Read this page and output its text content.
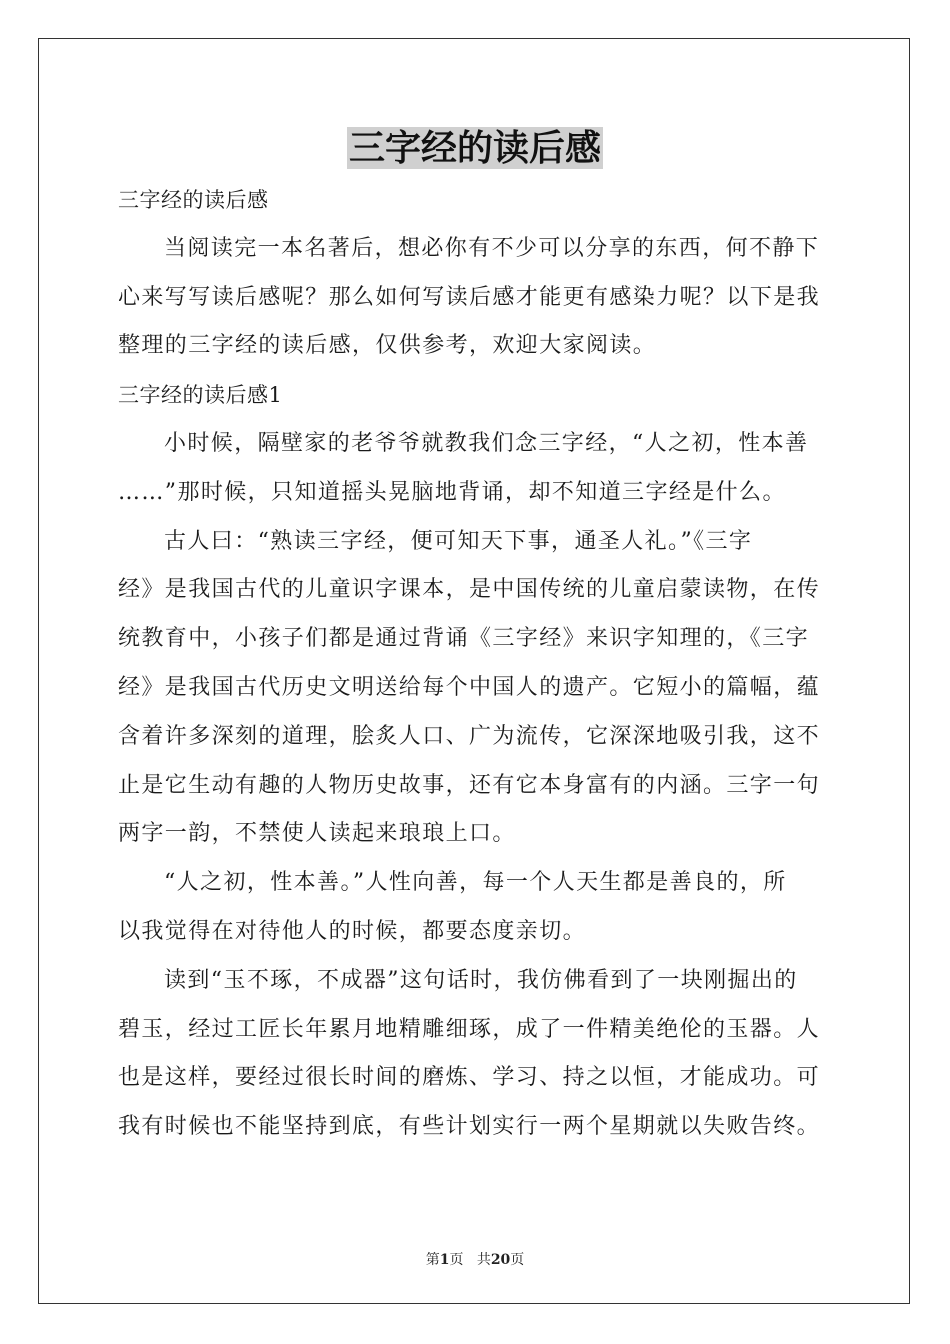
三字经的读后感
三字经的读后感
当阅读完一本名著后，想必你有不少可以分享的东西，何不静下
心来写写读后感呢？那么如何写读后感才能更有感染力呢？以下是我
整理的三字经的读后感，仅供参考，欢迎大家阅读。
三字经的读后感1
小时候，隔壁家的老爷爷就教我们念三字经，“人之初，性本善
……”那时候，只知道摇头晃脑地背诵，却不知道三字经是什么。
古人曰：“熟读三字经，便可知天下事，通圣人礼。”《三字
经》是我国古代的儿童识字课本，是中国传统的儿童启蒙读物，在传
统教育中，小孩子们都是通过背诵《三字经》来识字知理的，《三字
经》是我国古代历史文明送给每个中国人的遗产。它短小的篇幅，蕴
含着许多深刻的道理，脍炙人口、广为流传，它深深地吸引我，这不
止是它生动有趣的人物历史故事，还有它本身富有的内涵。三字一句
两字一韵，不禁使人读起来琅琅上口。
“人之初，性本善。”人性向善，每一个人天生都是善良的，所
以我觉得在对待他人的时候，都要态度亲切。
读到“玉不琢，不成器”这句话时，我仿佛看到了一块刚掘出的
碧玉，经过工匠长年累月地精雕细琢，成了一件精美绝伦的玉器。人
也是这样，要经过很长时间的磨炼、学习、持之以恒，才能成功。可
我有时候也不能坚持到底，有些计划实行一两个星期就以失败告终。
第1页 共20页
